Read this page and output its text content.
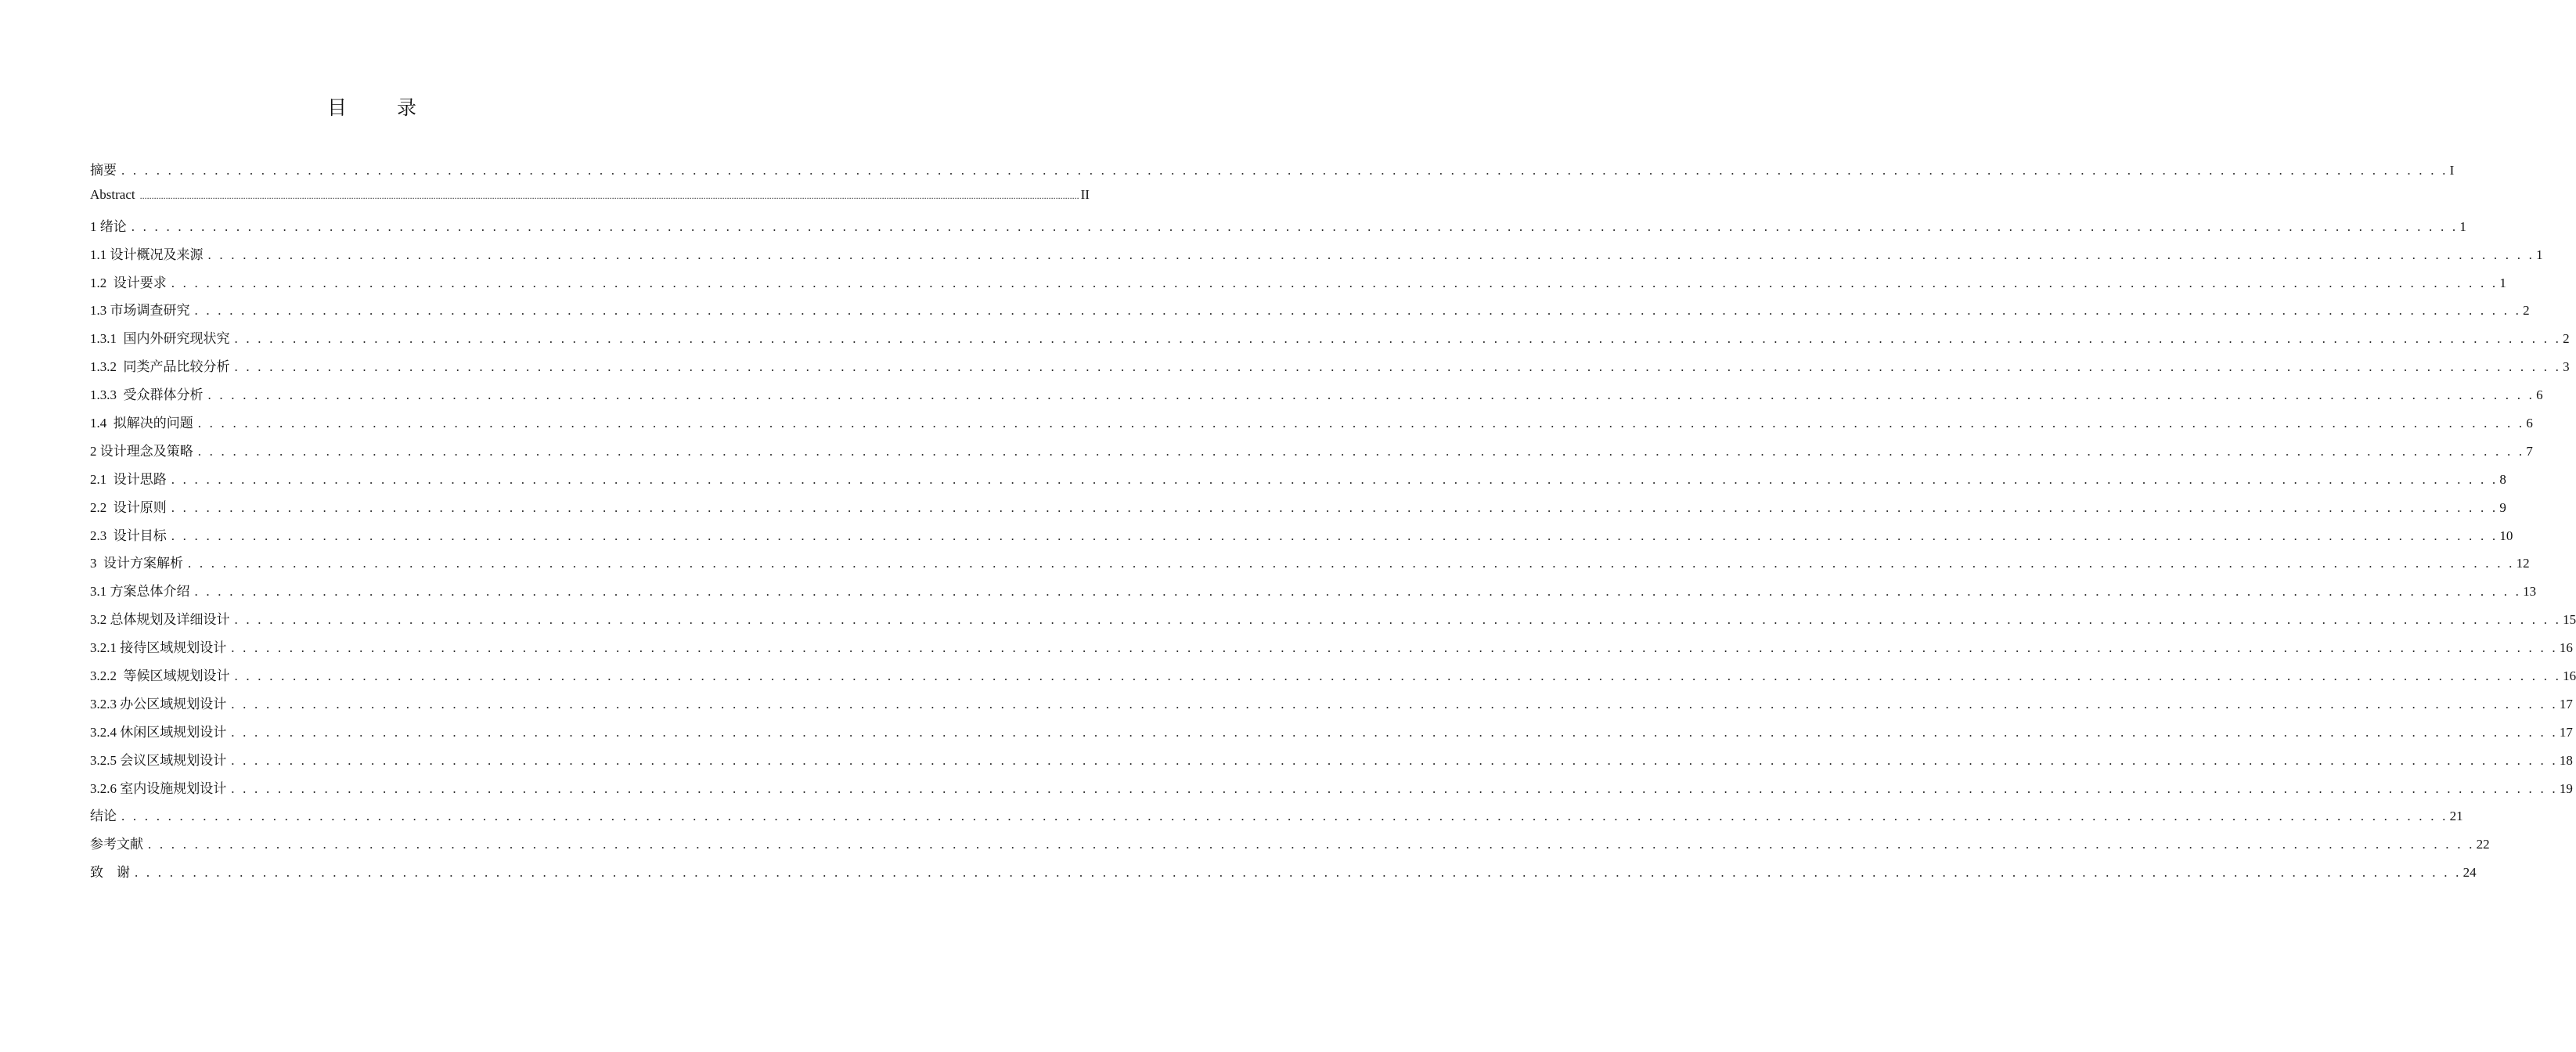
目 录
摘要 . . . . . . . . . . . . . . . . . . . . . . . . . . . . . . . . . . . . . . . . . . . . . . . . . . . . . . . . . . . . . . . . . . . . . . . . . . . . . . . . . . . . . . . . . . . . . . . . . . . . . . . . . . . . . . . . . . . . . . . . . . . . . . . . . . . . . . . . . . . . . . . . . . . . . . . . . . . . . . . . . . . . . . . . . . . . . . . . . . . . . . . . . . . . . . . . . . . . . . . . I
Abstract ................................................................................................................................................................................................................................................................................................................................................................................................................ II
1 绪论 . . . . . . . . . . . . . . . . . . . . . . . . . . . . . . . . . . . . . . . . . . . . . . . . . . . . . . . . . . . . . . . . . . . . . . . . . . . . . . . . . . . . . . . . . . . . . . . . . . . . . . . . . . . . . . . . . . . . . . . . . . . . . . . . . . . . . . . . . . . . . . . . . . . . . . . . . . . . . . . . . . . . . . . . . . . . . . . . . . . . . . . . . . . . . . . . . . . . . . . . 1
1.1 设计概况及来源 . . . . . . . . . . . . . . . . . . . . . . . . . . . . . . . . . . . . . . . . . . . . . . . . . . . . . . . . . . . . . . . . . . . . . . . . . . . . . . . . . . . . . . . . . . . . . . . . . . . . . . . . . . . . . . . . . . . . . . . . . . . . . . . . . . . . . . . . . . . . . . . . . . . . . . . . . . . . . . . . . . . . . . . . . . . . . . . . . . . . . . . . . . . . . . . . . . . . . . . . 1
1.2  设计要求 . . . . . . . . . . . . . . . . . . . . . . . . . . . . . . . . . . . . . . . . . . . . . . . . . . . . . . . . . . . . . . . . . . . . . . . . . . . . . . . . . . . . . . . . . . . . . . . . . . . . . . . . . . . . . . . . . . . . . . . . . . . . . . . . . . . . . . . . . . . . . . . . . . . . . . . . . . . . . . . . . . . . . . . . . . . . . . . . . . . . . . . . . . . . . . . . . . . . . . . . 1
1.3 市场调查研究 . . . . . . . . . . . . . . . . . . . . . . . . . . . . . . . . . . . . . . . . . . . . . . . . . . . . . . . . . . . . . . . . . . . . . . . . . . . . . . . . . . . . . . . . . . . . . . . . . . . . . . . . . . . . . . . . . . . . . . . . . . . . . . . . . . . . . . . . . . . . . . . . . . . . . . . . . . . . . . . . . . . . . . . . . . . . . . . . . . . . . . . . . . . . . . . . . . . . . . . . 2
1.3.1  国内外研究现状究 . . . . . . . . . . . . . . . . . . . . . . . . . . . . . . . . . . . . . . . . . . . . . . . . . . . . . . . . . . . . . . . . . . . . . . . . . . . . . . . . . . . . . . . . . . . . . . . . . . . . . . . . . . . . . . . . . . . . . . . . . . . . . . . . . . . . . . . . . . . . . . . . . . . . . . . . . . . . . . . . . . . . . . . . . . . . . . . . . . . . . . . . . . . . . . . . . . . . . . . . 2
1.3.2  同类产品比较分析 . . . . . . . . . . . . . . . . . . . . . . . . . . . . . . . . . . . . . . . . . . . . . . . . . . . . . . . . . . . . . . . . . . . . . . . . . . . . . . . . . . . . . . . . . . . . . . . . . . . . . . . . . . . . . . . . . . . . . . . . . . . . . . . . . . . . . . . . . . . . . . . . . . . . . . . . . . . . . . . . . . . . . . . . . . . . . . . . . . . . . . . . . . . . . . . . . . . . . . . . 3
1.3.3  受众群体分析 . . . . . . . . . . . . . . . . . . . . . . . . . . . . . . . . . . . . . . . . . . . . . . . . . . . . . . . . . . . . . . . . . . . . . . . . . . . . . . . . . . . . . . . . . . . . . . . . . . . . . . . . . . . . . . . . . . . . . . . . . . . . . . . . . . . . . . . . . . . . . . . . . . . . . . . . . . . . . . . . . . . . . . . . . . . . . . . . . . . . . . . . . . . . . . . . . . . . . . . . 6
1.4  拟解决的问题 . . . . . . . . . . . . . . . . . . . . . . . . . . . . . . . . . . . . . . . . . . . . . . . . . . . . . . . . . . . . . . . . . . . . . . . . . . . . . . . . . . . . . . . . . . . . . . . . . . . . . . . . . . . . . . . . . . . . . . . . . . . . . . . . . . . . . . . . . . . . . . . . . . . . . . . . . . . . . . . . . . . . . . . . . . . . . . . . . . . . . . . . . . . . . . . . . . . . . . . . 6
2 设计理念及策略 . . . . . . . . . . . . . . . . . . . . . . . . . . . . . . . . . . . . . . . . . . . . . . . . . . . . . . . . . . . . . . . . . . . . . . . . . . . . . . . . . . . . . . . . . . . . . . . . . . . . . . . . . . . . . . . . . . . . . . . . . . . . . . . . . . . . . . . . . . . . . . . . . . . . . . . . . . . . . . . . . . . . . . . . . . . . . . . . . . . . . . . . . . . . . . . . . . . . . . . . 7
2.1  设计思路 . . . . . . . . . . . . . . . . . . . . . . . . . . . . . . . . . . . . . . . . . . . . . . . . . . . . . . . . . . . . . . . . . . . . . . . . . . . . . . . . . . . . . . . . . . . . . . . . . . . . . . . . . . . . . . . . . . . . . . . . . . . . . . . . . . . . . . . . . . . . . . . . . . . . . . . . . . . . . . . . . . . . . . . . . . . . . . . . . . . . . . . . . . . . . . . . . . . . . . . . 8
2.2  设计原则 . . . . . . . . . . . . . . . . . . . . . . . . . . . . . . . . . . . . . . . . . . . . . . . . . . . . . . . . . . . . . . . . . . . . . . . . . . . . . . . . . . . . . . . . . . . . . . . . . . . . . . . . . . . . . . . . . . . . . . . . . . . . . . . . . . . . . . . . . . . . . . . . . . . . . . . . . . . . . . . . . . . . . . . . . . . . . . . . . . . . . . . . . . . . . . . . . . . . . . . . 9
2.3  设计目标 . . . . . . . . . . . . . . . . . . . . . . . . . . . . . . . . . . . . . . . . . . . . . . . . . . . . . . . . . . . . . . . . . . . . . . . . . . . . . . . . . . . . . . . . . . . . . . . . . . . . . . . . . . . . . . . . . . . . . . . . . . . . . . . . . . . . . . . . . . . . . . . . . . . . . . . . . . . . . . . . . . . . . . . . . . . . . . . . . . . . . . . . . . . . . . . . . . . . . . . . 10
3  设计方案解析 . . . . . . . . . . . . . . . . . . . . . . . . . . . . . . . . . . . . . . . . . . . . . . . . . . . . . . . . . . . . . . . . . . . . . . . . . . . . . . . . . . . . . . . . . . . . . . . . . . . . . . . . . . . . . . . . . . . . . . . . . . . . . . . . . . . . . . . . . . . . . . . . . . . . . . . . . . . . . . . . . . . . . . . . . . . . . . . . . . . . . . . . . . . . . . . . . . . . . . . . 12
3.1 方案总体介绍 . . . . . . . . . . . . . . . . . . . . . . . . . . . . . . . . . . . . . . . . . . . . . . . . . . . . . . . . . . . . . . . . . . . . . . . . . . . . . . . . . . . . . . . . . . . . . . . . . . . . . . . . . . . . . . . . . . . . . . . . . . . . . . . . . . . . . . . . . . . . . . . . . . . . . . . . . . . . . . . . . . . . . . . . . . . . . . . . . . . . . . . . . . . . . . . . . . . . . . . . 13
3.2 总体规划及详细设计 . . . . . . . . . . . . . . . . . . . . . . . . . . . . . . . . . . . . . . . . . . . . . . . . . . . . . . . . . . . . . . . . . . . . . . . . . . . . . . . . . . . . . . . . . . . . . . . . . . . . . . . . . . . . . . . . . . . . . . . . . . . . . . . . . . . . . . . . . . . . . . . . . . . . . . . . . . . . . . . . . . . . . . . . . . . . . . . . . . . . . . . . . . . . . . . . . . . . . . . . 15
3.2.1 接待区域规划设计 . . . . . . . . . . . . . . . . . . . . . . . . . . . . . . . . . . . . . . . . . . . . . . . . . . . . . . . . . . . . . . . . . . . . . . . . . . . . . . . . . . . . . . . . . . . . . . . . . . . . . . . . . . . . . . . . . . . . . . . . . . . . . . . . . . . . . . . . . . . . . . . . . . . . . . . . . . . . . . . . . . . . . . . . . . . . . . . . . . . . . . . . . . . . . . . . . . . . . . . . 16
3.2.2  等候区域规划设计 . . . . . . . . . . . . . . . . . . . . . . . . . . . . . . . . . . . . . . . . . . . . . . . . . . . . . . . . . . . . . . . . . . . . . . . . . . . . . . . . . . . . . . . . . . . . . . . . . . . . . . . . . . . . . . . . . . . . . . . . . . . . . . . . . . . . . . . . . . . . . . . . . . . . . . . . . . . . . . . . . . . . . . . . . . . . . . . . . . . . . . . . . . . . . . . . . . . . . . . . 16
3.2.3 办公区域规划设计 . . . . . . . . . . . . . . . . . . . . . . . . . . . . . . . . . . . . . . . . . . . . . . . . . . . . . . . . . . . . . . . . . . . . . . . . . . . . . . . . . . . . . . . . . . . . . . . . . . . . . . . . . . . . . . . . . . . . . . . . . . . . . . . . . . . . . . . . . . . . . . . . . . . . . . . . . . . . . . . . . . . . . . . . . . . . . . . . . . . . . . . . . . . . . . . . . . . . . . . . 17
3.2.4 休闲区域规划设计 . . . . . . . . . . . . . . . . . . . . . . . . . . . . . . . . . . . . . . . . . . . . . . . . . . . . . . . . . . . . . . . . . . . . . . . . . . . . . . . . . . . . . . . . . . . . . . . . . . . . . . . . . . . . . . . . . . . . . . . . . . . . . . . . . . . . . . . . . . . . . . . . . . . . . . . . . . . . . . . . . . . . . . . . . . . . . . . . . . . . . . . . . . . . . . . . . . . . . . . . 17
3.2.5 会议区域规划设计 . . . . . . . . . . . . . . . . . . . . . . . . . . . . . . . . . . . . . . . . . . . . . . . . . . . . . . . . . . . . . . . . . . . . . . . . . . . . . . . . . . . . . . . . . . . . . . . . . . . . . . . . . . . . . . . . . . . . . . . . . . . . . . . . . . . . . . . . . . . . . . . . . . . . . . . . . . . . . . . . . . . . . . . . . . . . . . . . . . . . . . . . . . . . . . . . . . . . . . . . 18
3.2.6 室内设施规划设计 . . . . . . . . . . . . . . . . . . . . . . . . . . . . . . . . . . . . . . . . . . . . . . . . . . . . . . . . . . . . . . . . . . . . . . . . . . . . . . . . . . . . . . . . . . . . . . . . . . . . . . . . . . . . . . . . . . . . . . . . . . . . . . . . . . . . . . . . . . . . . . . . . . . . . . . . . . . . . . . . . . . . . . . . . . . . . . . . . . . . . . . . . . . . . . . . . . . . . . . . 19
结论 . . . . . . . . . . . . . . . . . . . . . . . . . . . . . . . . . . . . . . . . . . . . . . . . . . . . . . . . . . . . . . . . . . . . . . . . . . . . . . . . . . . . . . . . . . . . . . . . . . . . . . . . . . . . . . . . . . . . . . . . . . . . . . . . . . . . . . . . . . . . . . . . . . . . . . . . . . . . . . . . . . . . . . . . . . . . . . . . . . . . . . . . . . . . . . . . . . . . . . . . 21
参考文献 . . . . . . . . . . . . . . . . . . . . . . . . . . . . . . . . . . . . . . . . . . . . . . . . . . . . . . . . . . . . . . . . . . . . . . . . . . . . . . . . . . . . . . . . . . . . . . . . . . . . . . . . . . . . . . . . . . . . . . . . . . . . . . . . . . . . . . . . . . . . . . . . . . . . . . . . . . . . . . . . . . . . . . . . . . . . . . . . . . . . . . . . . . . . . . . . . . . . . . . . 22
致    谢 . . . . . . . . . . . . . . . . . . . . . . . . . . . . . . . . . . . . . . . . . . . . . . . . . . . . . . . . . . . . . . . . . . . . . . . . . . . . . . . . . . . . . . . . . . . . . . . . . . . . . . . . . . . . . . . . . . . . . . . . . . . . . . . . . . . . . . . . . . . . . . . . . . . . . . . . . . . . . . . . . . . . . . . . . . . . . . . . . . . . . . . . . . . . . . . . . . . . . . . . 24
